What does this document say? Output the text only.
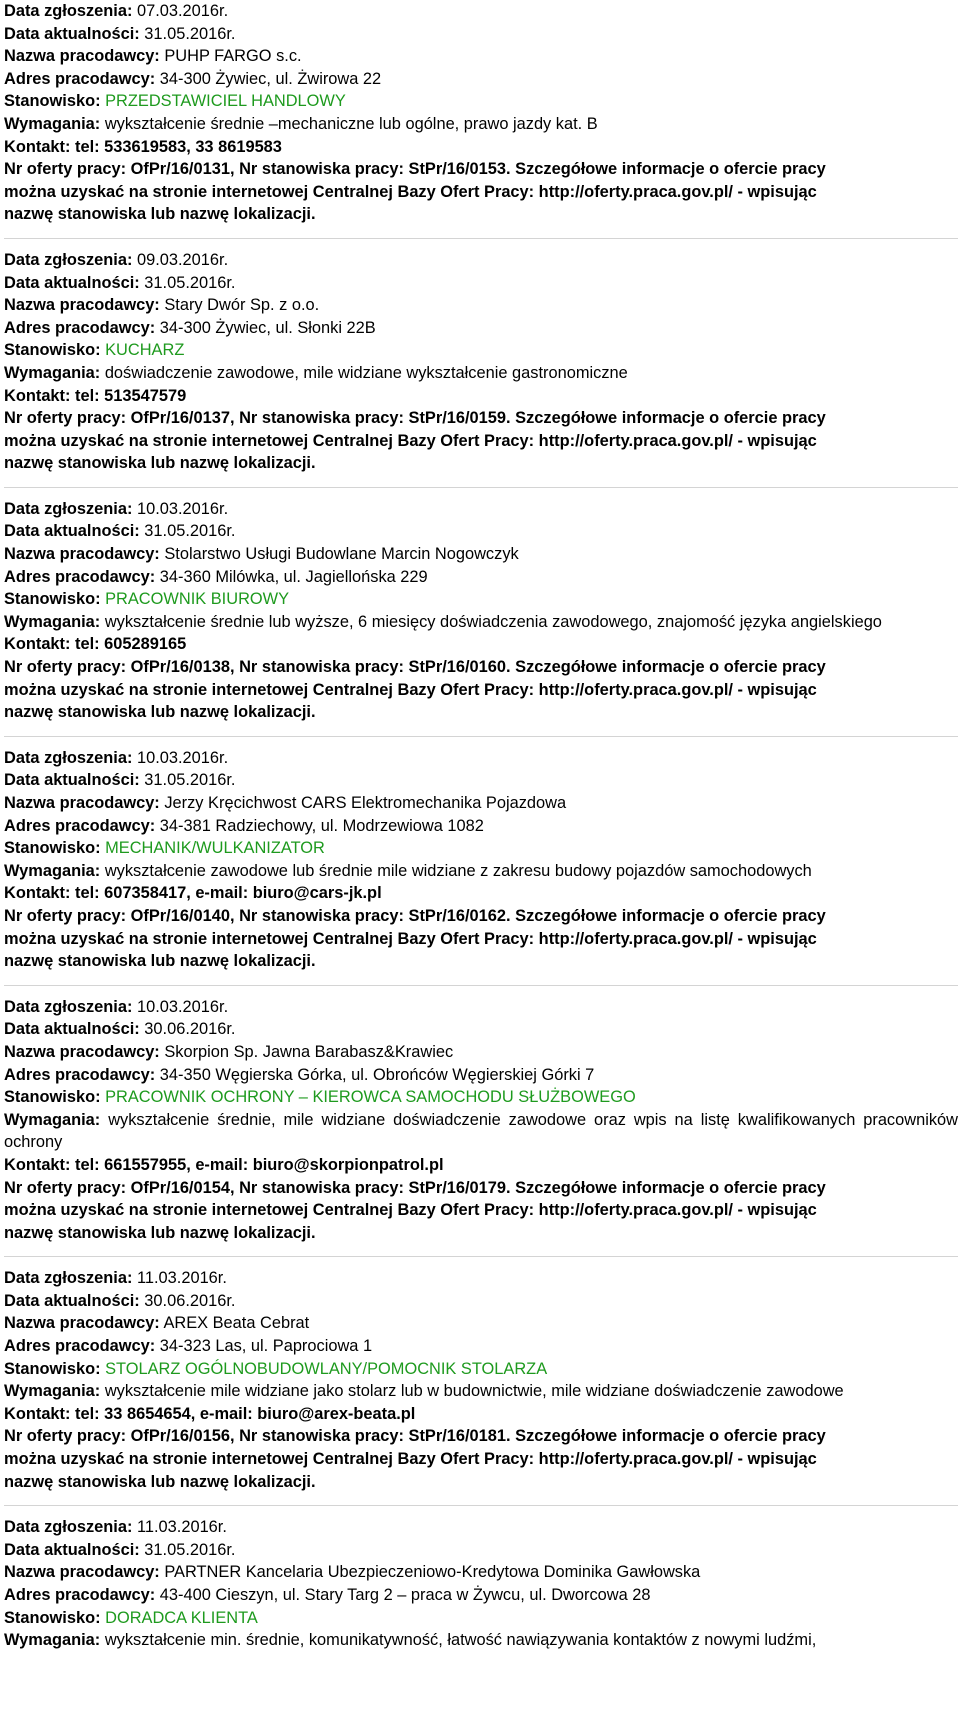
Data zgłoszenia: 07.03.2016r.
Data aktualności: 31.05.2016r.
Nazwa pracodawcy: PUHP FARGO s.c.
Adres pracodawcy: 34-300 Żywiec, ul. Żwirowa 22
Stanowisko: PRZEDSTAWICIEL HANDLOWY
Wymagania: wykształcenie średnie –mechaniczne lub ogólne, prawo jazdy kat. B
Kontakt: tel: 533619583, 33 8619583
Nr oferty pracy: OfPr/16/0131, Nr stanowiska pracy: StPr/16/0153. Szczegółowe informacje o ofercie pracy
można uzyskać na stronie internetowej Centralnej Bazy Ofert Pracy: http://oferty.praca.gov.pl/ - wpisując
nazwę stanowiska lub nazwę lokalizacji.
Data zgłoszenia: 09.03.2016r.
Data aktualności: 31.05.2016r.
Nazwa pracodawcy: Stary Dwór Sp. z o.o.
Adres pracodawcy: 34-300 Żywiec, ul. Słonki 22B
Stanowisko: KUCHARZ
Wymagania: doświadczenie zawodowe, mile widziane wykształcenie gastronomiczne
Kontakt: tel: 513547579
Nr oferty pracy: OfPr/16/0137, Nr stanowiska pracy: StPr/16/0159. Szczegółowe informacje o ofercie pracy
można uzyskać na stronie internetowej Centralnej Bazy Ofert Pracy: http://oferty.praca.gov.pl/ - wpisując
nazwę stanowiska lub nazwę lokalizacji.
Data zgłoszenia: 10.03.2016r.
Data aktualności: 31.05.2016r.
Nazwa pracodawcy: Stolarstwo Usługi Budowlane Marcin Nogowczyk
Adres pracodawcy: 34-360 Milówka, ul. Jagiellońska 229
Stanowisko: PRACOWNIK BIUROWY
Wymagania: wykształcenie średnie lub wyższe, 6 miesięcy doświadczenia zawodowego, znajomość języka angielskiego
Kontakt: tel: 605289165
Nr oferty pracy: OfPr/16/0138, Nr stanowiska pracy: StPr/16/0160. Szczegółowe informacje o ofercie pracy
można uzyskać na stronie internetowej Centralnej Bazy Ofert Pracy: http://oferty.praca.gov.pl/ - wpisując
nazwę stanowiska lub nazwę lokalizacji.
Data zgłoszenia: 10.03.2016r.
Data aktualności: 31.05.2016r.
Nazwa pracodawcy: Jerzy Kręcichwost CARS Elektromechanika Pojazdowa
Adres pracodawcy: 34-381 Radziechowy, ul. Modrzewiowa 1082
Stanowisko: MECHANIK/WULKANIZATOR
Wymagania: wykształcenie zawodowe lub średnie mile widziane z zakresu budowy pojazdów samochodowych
Kontakt: tel: 607358417, e-mail: biuro@cars-jk.pl
Nr oferty pracy: OfPr/16/0140, Nr stanowiska pracy: StPr/16/0162. Szczegółowe informacje o ofercie pracy
można uzyskać na stronie internetowej Centralnej Bazy Ofert Pracy: http://oferty.praca.gov.pl/ - wpisując
nazwę stanowiska lub nazwę lokalizacji.
Data zgłoszenia: 10.03.2016r.
Data aktualności: 30.06.2016r.
Nazwa pracodawcy: Skorpion Sp. Jawna Barabasz&Krawiec
Adres pracodawcy: 34-350 Węgierska Górka, ul. Obrońców Węgierskiej Górki 7
Stanowisko: PRACOWNIK OCHRONY – KIEROWCA SAMOCHODU SŁUŻBOWEGO
Wymagania: wykształcenie średnie, mile widziane doświadczenie zawodowe oraz wpis na listę kwalifikowanych pracowników ochrony
Kontakt: tel: 661557955, e-mail: biuro@skorpionpatrol.pl
Nr oferty pracy: OfPr/16/0154, Nr stanowiska pracy: StPr/16/0179. Szczegółowe informacje o ofercie pracy
można uzyskać na stronie internetowej Centralnej Bazy Ofert Pracy: http://oferty.praca.gov.pl/ - wpisując
nazwę stanowiska lub nazwę lokalizacji.
Data zgłoszenia: 11.03.2016r.
Data aktualności: 30.06.2016r.
Nazwa pracodawcy: AREX Beata Cebrat
Adres pracodawcy: 34-323 Las, ul. Paprociowa 1
Stanowisko: STOLARZ OGÓLNOBUDOWLANY/POMOCNIK STOLARZA
Wymagania: wykształcenie mile widziane jako stolarz lub w budownictwie, mile widziane doświadczenie zawodowe
Kontakt: tel: 33 8654654, e-mail: biuro@arex-beata.pl
Nr oferty pracy: OfPr/16/0156, Nr stanowiska pracy: StPr/16/0181. Szczegółowe informacje o ofercie pracy
można uzyskać na stronie internetowej Centralnej Bazy Ofert Pracy: http://oferty.praca.gov.pl/ - wpisując
nazwę stanowiska lub nazwę lokalizacji.
Data zgłoszenia: 11.03.2016r.
Data aktualności: 31.05.2016r.
Nazwa pracodawcy: PARTNER Kancelaria Ubezpieczeniowo-Kredytowa Dominika Gawłowska
Adres pracodawcy: 43-400 Cieszyn, ul. Stary Targ 2 – praca w Żywcu, ul. Dworcowa 28
Stanowisko: DORADCA KLIENTA
Wymagania: wykształcenie min. średnie, komunikatywność, łatwość nawiązywania kontaktów z nowymi ludźmi,
